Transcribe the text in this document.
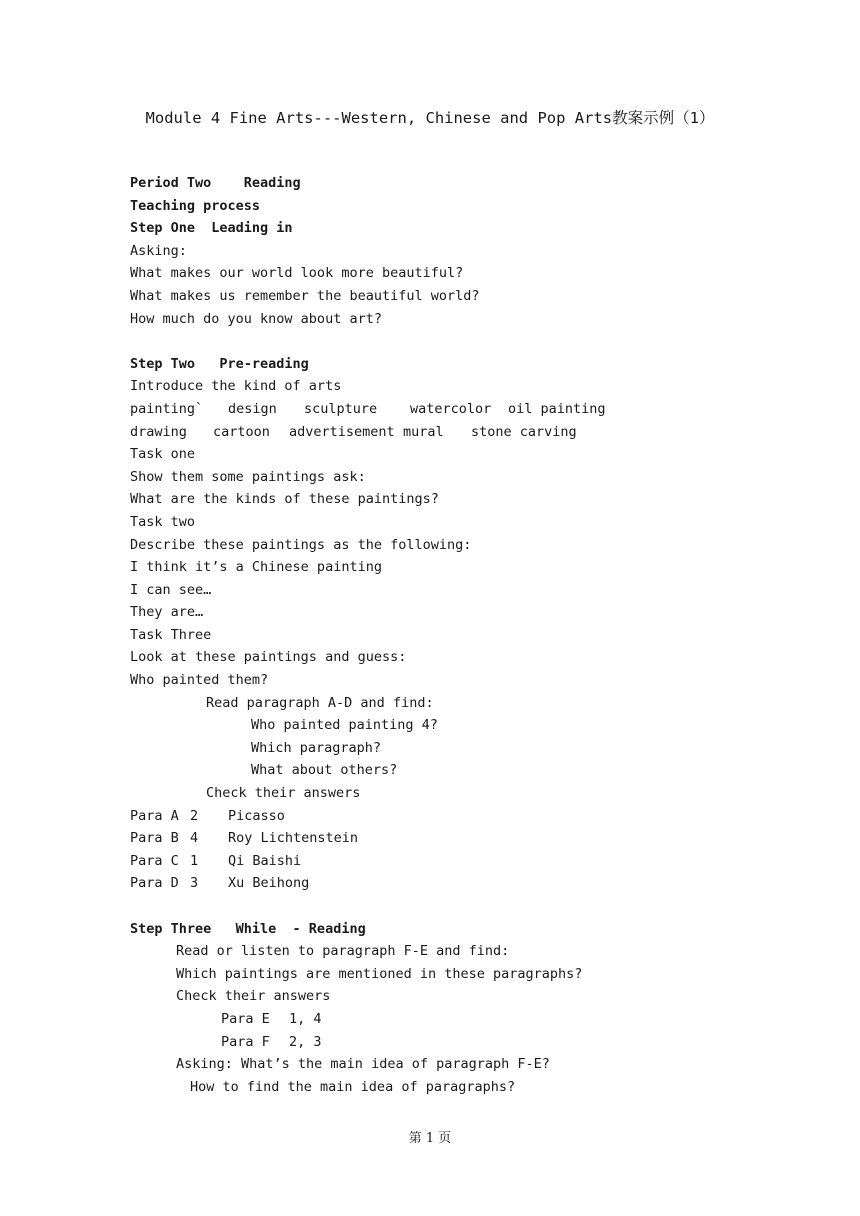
Module 4 Fine Arts---Western, Chinese and Pop Arts教案示例（1）
Period Two    Reading
Teaching process
Step One  Leading in
Asking:
What makes our world look more beautiful?
What makes us remember the beautiful world?
How much do you know about art?
Step Two   Pre-reading
Introduce the kind of arts
painting` design sculpture watercolor oil painting
drawing cartoon advertisement mural stone carving
Task one
Show them some paintings ask:
What are the kinds of these paintings?
Task two
Describe these paintings as the following:
I think it’s a Chinese painting
I can see…
They are…
Task Three
Look at these paintings and guess:
Who painted them?
Read paragraph A-D and find:
Who painted painting 4?
Which paragraph?
What about others?
Check their answers
Para A 2	Picasso
Para B 4	Roy Lichtenstein
Para C 1	Qi Baishi
Para D 3	Xu Beihong
Step Three   While  - Reading
Read or listen to paragraph F-E and find:
Which paintings are mentioned in these paragraphs?
Check their answers
Para E	1, 4
Para F	2, 3
Asking: What’s the main idea of paragraph F-E?
How to find the main idea of paragraphs?
第 1 页
